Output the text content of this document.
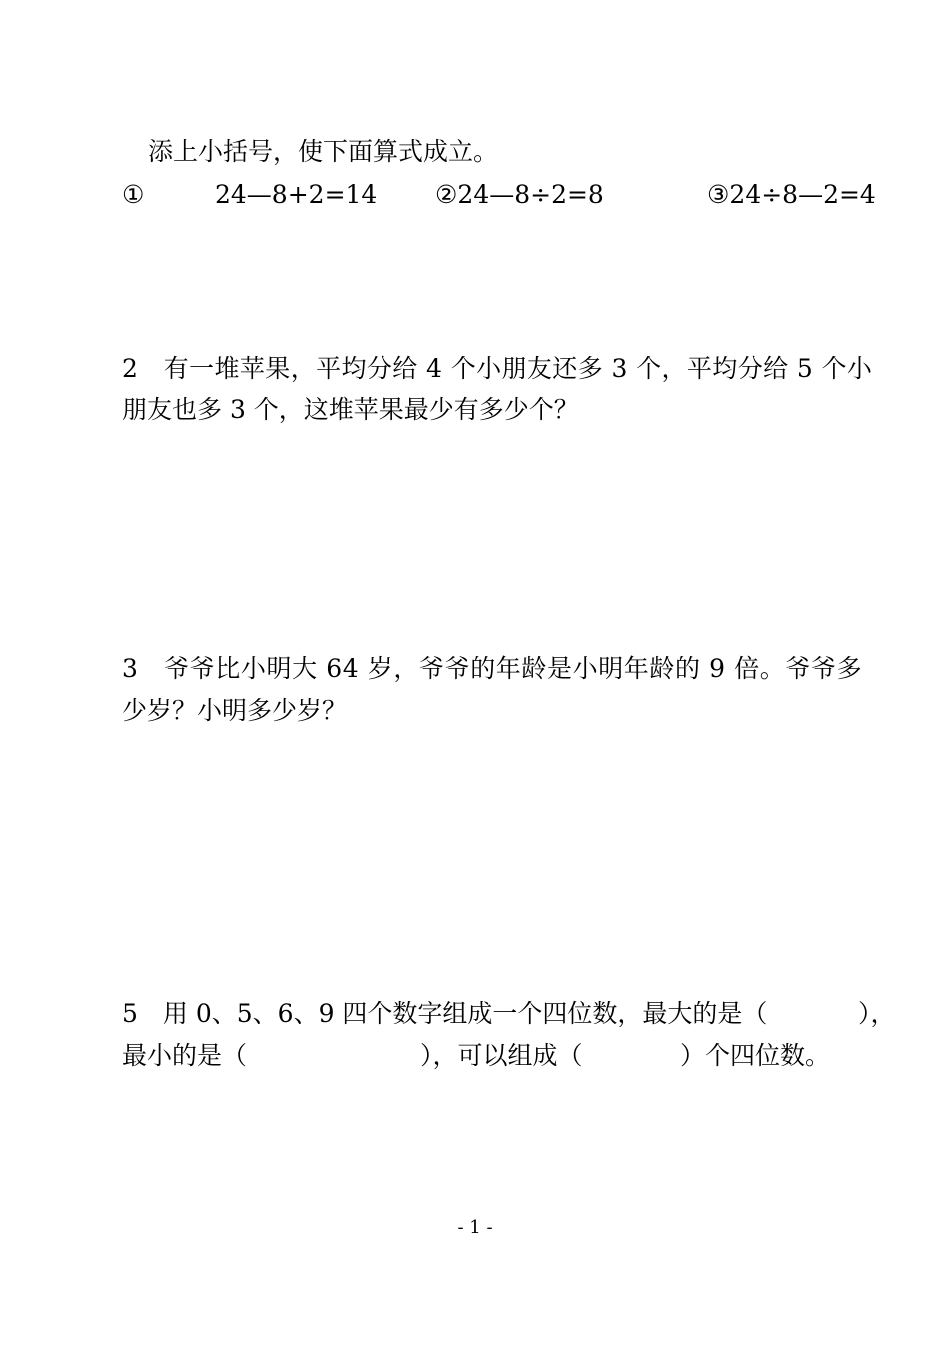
添上小括号，使下面算式成立。
①	24—8+2=14 ②24—8÷2=8	③24÷8—2=4
2　有一堆苹果，平均分给 4 个小朋友还多 3 个，平均分给 5 个小
朋友也多 3 个，这堆苹果最少有多少个？
3　爷爷比小明大 64 岁，爷爷的年龄是小明年龄的 9 倍。爷爷多
少岁？小明多少岁？
5　用 0、5、6、9 四个数字组成一个四位数，最大的是（	），
最小的是（	），可以组成（	）个四位数。
- 1 -
